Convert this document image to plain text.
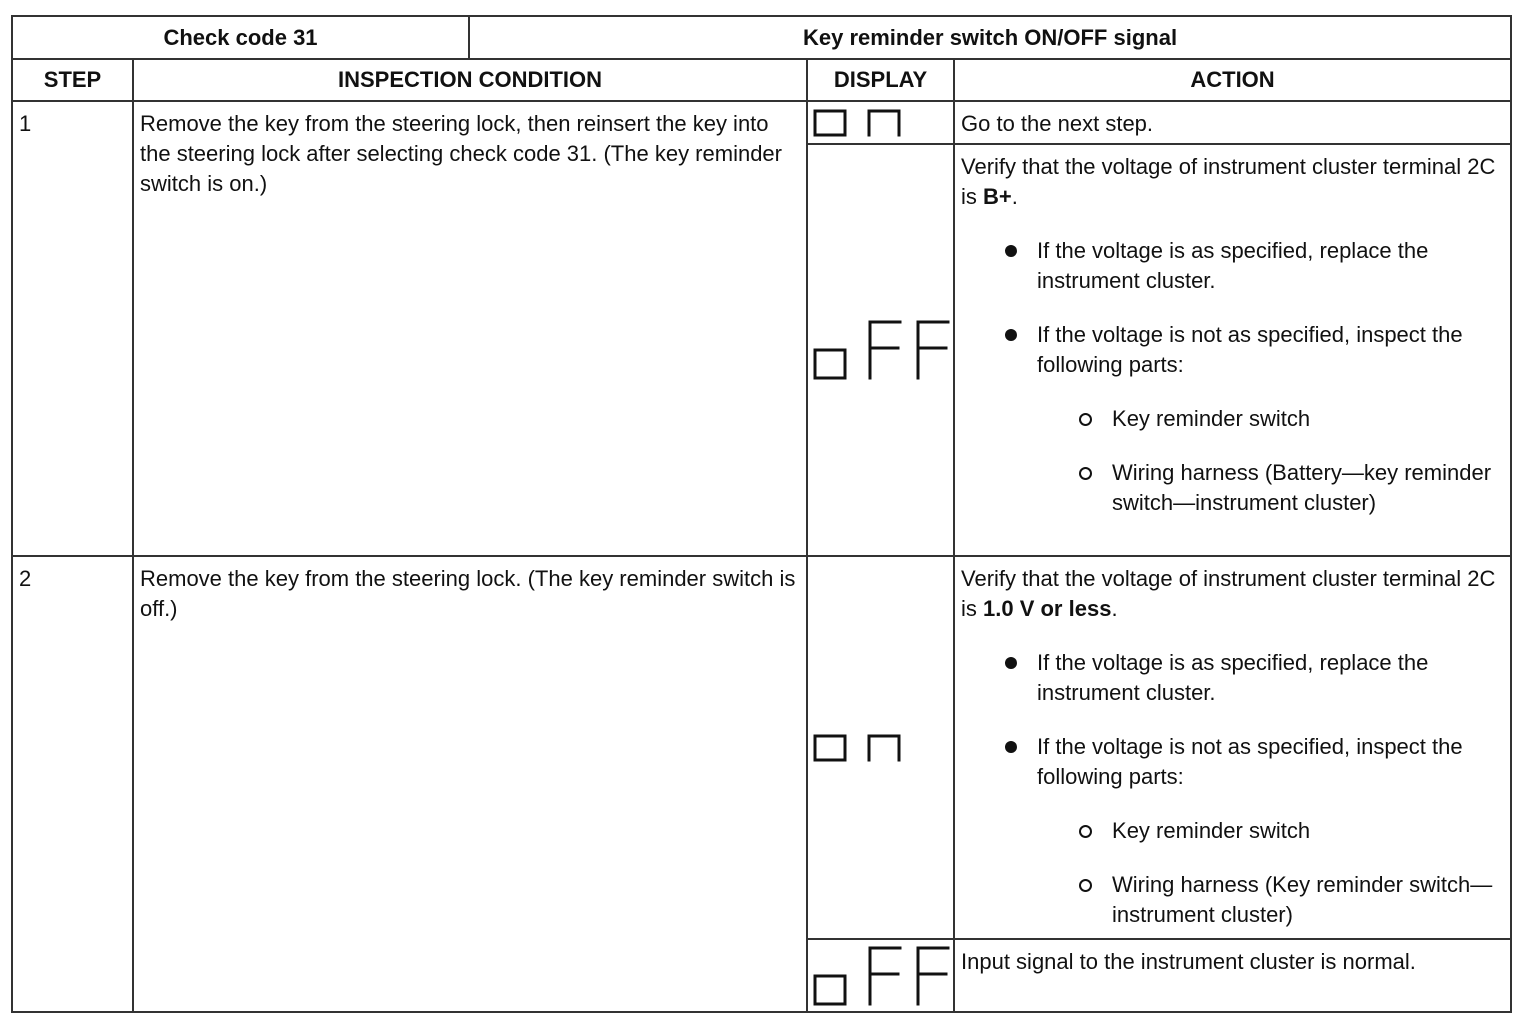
Check code 31		Key reminder switch ON/OFF signal		
STEP	INSPECTION CONDITION		DISPLAY	ACTION

1	Remove the key from the steering lock, then reinsert the key into the steering lock after selecting check code 31. (The key reminder switch is on.)			Go to the next step.

Verify that the voltage of instrument cluster terminal 2C is B+.
If the voltage is as specified, replace the instrument cluster.
If the voltage is not as specified, inspect the following parts:
Key reminder switch
Wiring harness (Battery—key reminder switch—instrument cluster)

2	Remove the key from the steering lock. (The key reminder switch is off.)			Verify that the voltage of instrument cluster terminal 2C is 1.0 V or less.
If the voltage is as specified, replace the instrument cluster.
If the voltage is not as specified, inspect the following parts:
Key reminder switch
Wiring harness (Key reminder switch—instrument cluster)

Input signal to the instrument cluster is normal.
